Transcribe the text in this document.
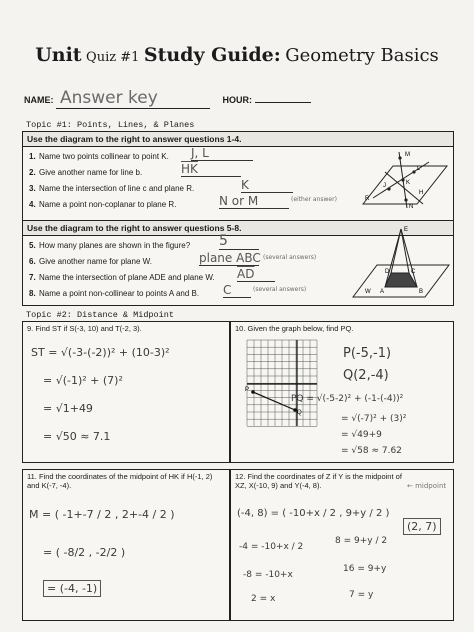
Unit Quiz #1 Study Guide: Geometry Basics
NAME: Answer key	HOUR:
Topic #1: Points, Lines, & Planes
Use the diagram to the right to answer questions 1-4.
1. Name two points collinear to point K. J, L
2. Give another name for line b.	$\overline{HK}$
3. Name the intersection of line c and plane R.	K
4. Name a point non-coplanar to plane R.	N or M	(either answer)
M
L
J	K
N
H
R
Use the diagram to the right to answer questions 5-8.
5. How many planes are shown in the figure? 5
6. Give another name for plane W.	plane ABC (several answers)
7. Name the intersection of plane ADE and plane W. $\overline{AD}$
8. Name a point non-collinear to points A and B. C	(several answers)
E
D	C
A	B
W
Topic #2: Distance & Midpoint
9. Find ST if S(-3, 10) and T(-2, 3).
ST = √(-3-(-2))² + (10-3)²
= √(-1)² + (7)²
= √1+49
= √50 ≈ 7.1
10. Given the graph below, find PQ.
P
Q
P(-5,-1)
Q(2,-4)
PQ = √(-5-2)² + (-1-(-4))²
= √(-7)² + (3)²
= √49+9
= √58 ≈ 7.62
11. Find the coordinates of the midpoint of HK if H(-1, 2) and K(-7, -4).
M = ( -1+-7 / 2 , 2+-4 / 2 )
= ( -8/2 , -2/2 )
= (-4, -1)
12. Find the coordinates of Z if Y is the midpoint of XZ, X(-10, 9) and Y(-4, 8).	← midpoint
(-4, 8) = ( -10+x / 2 , 9+y / 2 )
-4 = -10+x / 2
8 = 9+y / 2
-8 = -10+x
16 = 9+y
2 = x	7 = y
(2, 7)
